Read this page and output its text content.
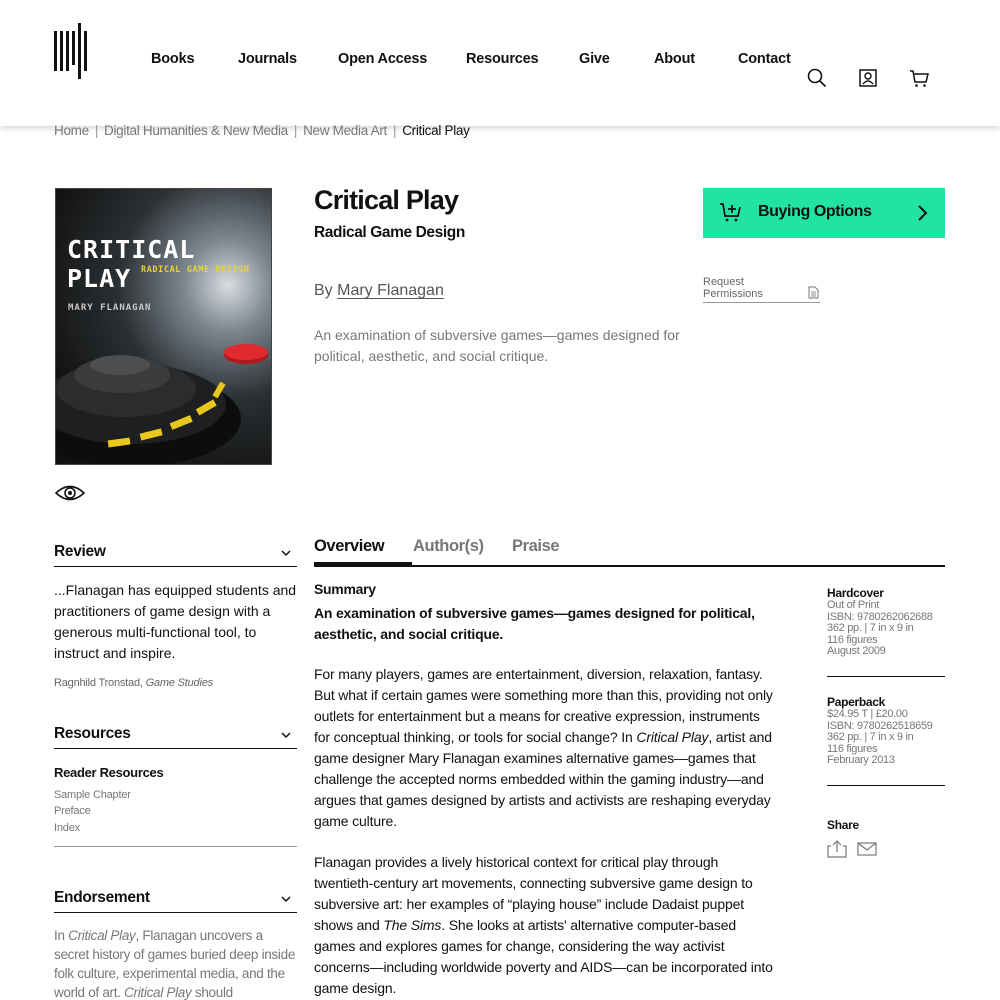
Books	Journals	Open Access	Resources	Give	About	Contact
Home | Digital Humanities & New Media | New Media Art | Critical Play
CRITICAL
PLAY	RADICAL GAME DESIGN
MARY FLANAGAN
Critical Play
Radical Game Design
By Mary Flanagan
An examination of subversive games—games designed for political, aesthetic, and social critique.
Buying Options
Request
Permissions
Review
...Flanagan has equipped students and practitioners of game design with a generous multi-functional tool, to instruct and inspire.
Ragnhild Tronstad, Game Studies
Resources
Reader Resources
Sample Chapter
Preface
Index
Endorsement
In Critical Play, Flanagan uncovers a secret history of games buried deep inside folk culture, experimental media, and the world of art. Critical Play should
Overview Author(s) Praise
Summary
An examination of subversive games—games designed for political, aesthetic, and social critique.
For many players, games are entertainment, diversion, relaxation, fantasy. But what if certain games were something more than this, providing not only outlets for entertainment but a means for creative expression, instruments for conceptual thinking, or tools for social change? In Critical Play, artist and game designer Mary Flanagan examines alternative games—games that challenge the accepted norms embedded within the gaming industry—and argues that games designed by artists and activists are reshaping everyday game culture.
Flanagan provides a lively historical context for critical play through twentieth-century art movements, connecting subversive game design to subversive art: her examples of “playing house” include Dadaist puppet shows and The Sims. She looks at artists' alternative computer-based games and explores games for change, considering the way activist concerns—including worldwide poverty and AIDS—can be incorporated into game design.
Hardcover
Out of Print
ISBN: 9780262062688
362 pp. | 7 in x 9 in
116 figures
August 2009
Paperback
$24.95 T | £20.00
ISBN: 9780262518659
362 pp. | 7 in x 9 in
116 figures
February 2013
Share
